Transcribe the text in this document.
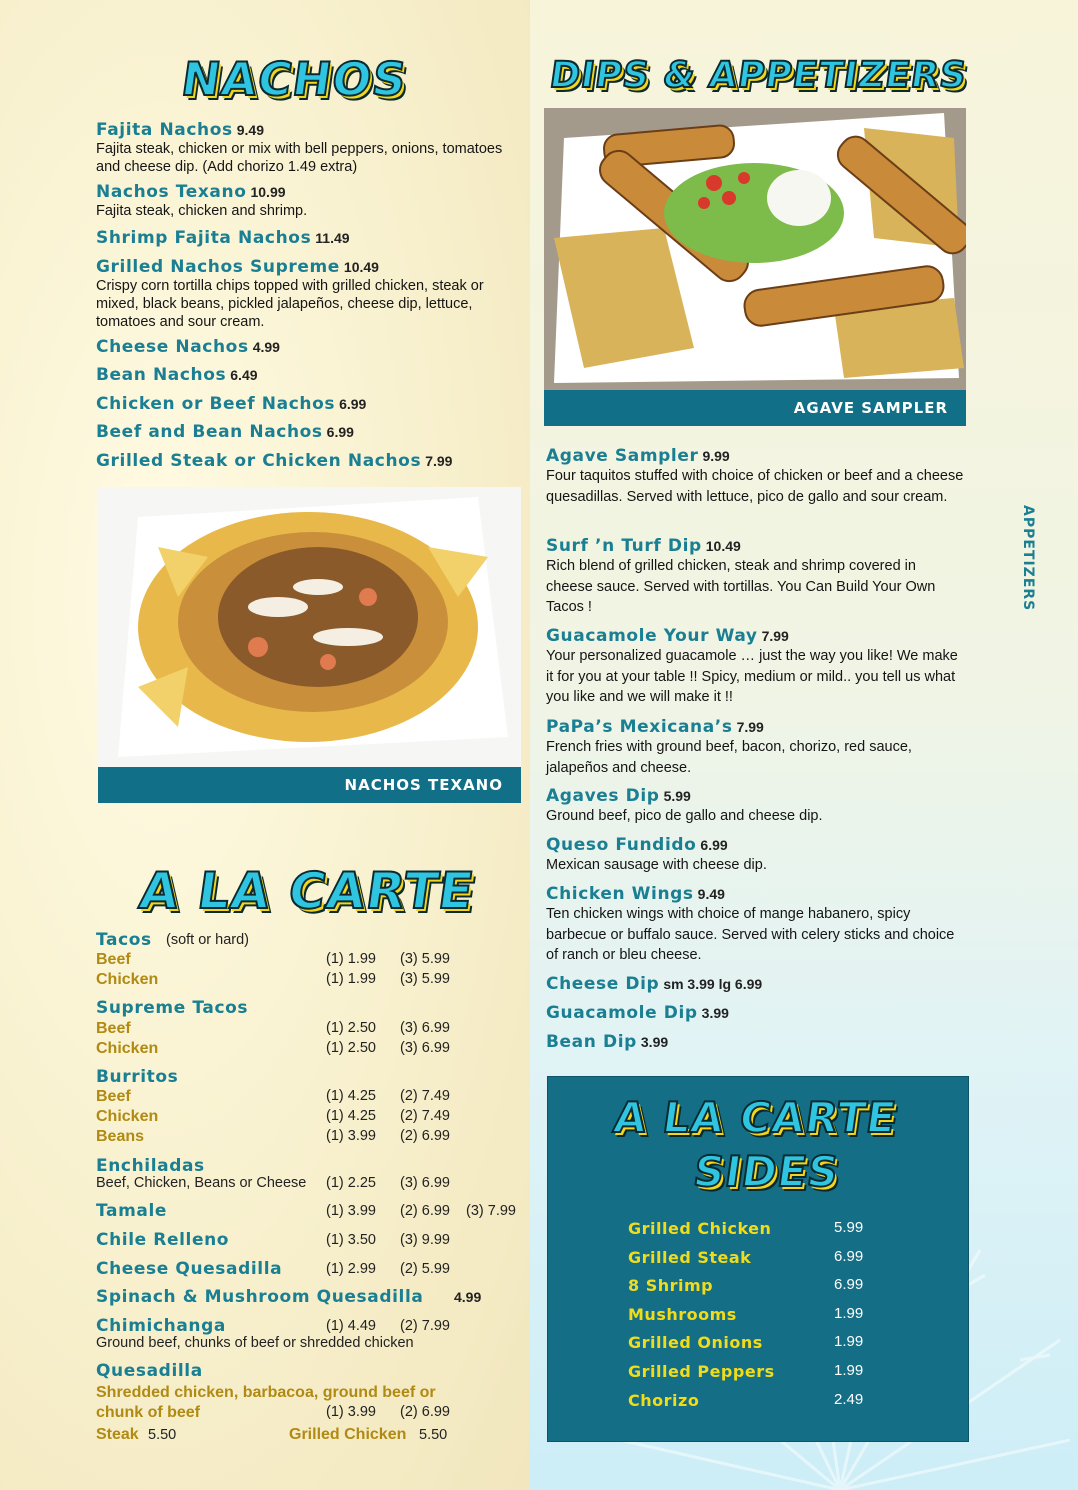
APPETIZERS
NACHOS
Fajita Nachos 9.49
Fajita steak, chicken or mix with bell peppers, onions, tomatoes and cheese dip. (Add chorizo 1.49 extra)
Nachos Texano 10.99
Fajita steak, chicken and shrimp.
Shrimp Fajita Nachos 11.49
Grilled Nachos Supreme 10.49
Crispy corn tortilla chips topped with grilled chicken, steak or mixed, black beans, pickled jalapeños, cheese dip, lettuce, tomatoes and sour cream.
Cheese Nachos 4.99
Bean Nachos 6.49
Chicken or Beef Nachos 6.99
Beef and Bean Nachos 6.99
Grilled Steak or Chicken Nachos 7.99
NACHOS TEXANO
A LA CARTE
Tacos (soft or hard)
Beef	(1) 1.99 (3) 5.99
Chicken	(1) 1.99 (3) 5.99
Supreme Tacos
Beef	(1) 2.50 (3) 6.99
Chicken	(1) 2.50 (3) 6.99
Burritos
Beef	(1) 4.25 (2) 7.49
Chicken	(1) 4.25 (2) 7.49
Beans	(1) 3.99 (2) 6.99
Enchiladas
Beef, Chicken, Beans or Cheese (1) 2.25 (3) 6.99
Tamale	(1) 3.99 (2) 6.99 (3) 7.99
Chile Relleno	(1) 3.50 (3) 9.99
Cheese Quesadilla	(1) 2.99 (2) 5.99
Spinach & Mushroom Quesadilla 4.99
Chimichanga	(1) 4.49 (2) 7.99
Ground beef, chunks of beef or shredded chicken
Quesadilla
Shredded chicken, barbacoa, ground beef or
chunk of beef	(1) 3.99 (2) 6.99
Steak 5.50	Grilled Chicken 5.50
DIPS & APPETIZERS
AGAVE SAMPLER
Agave Sampler 9.99
Four taquitos stuffed with choice of chicken or beef and a cheese quesadillas. Served with lettuce, pico de gallo and sour cream.
Surf ’n Turf Dip 10.49
Rich blend of grilled chicken, steak and shrimp covered in cheese sauce. Served with tortillas. You Can Build Your Own Tacos !
Guacamole Your Way 7.99
Your personalized guacamole … just the way you like! We make it for you at your table !! Spicy, medium or mild.. you tell us what you like and we will make it !!
PaPa’s Mexicana’s 7.99
French fries with ground beef, bacon, chorizo, red sauce, jalapeños and cheese.
Agaves Dip 5.99
Ground beef, pico de gallo and cheese dip.
Queso Fundido 6.99
Mexican sausage with cheese dip.
Chicken Wings 9.49
Ten chicken wings with choice of mange habanero, spicy barbecue or buffalo sauce. Served with celery sticks and choice of ranch or bleu cheese.
Cheese Dip sm 3.99 lg 6.99
Guacamole Dip 3.99
Bean Dip 3.99
A LA CARTE
SIDES
Grilled Chicken	5.99
Grilled Steak	6.99
8 Shrimp	6.99
Mushrooms	1.99
Grilled Onions	1.99
Grilled Peppers	1.99
Chorizo	2.49
